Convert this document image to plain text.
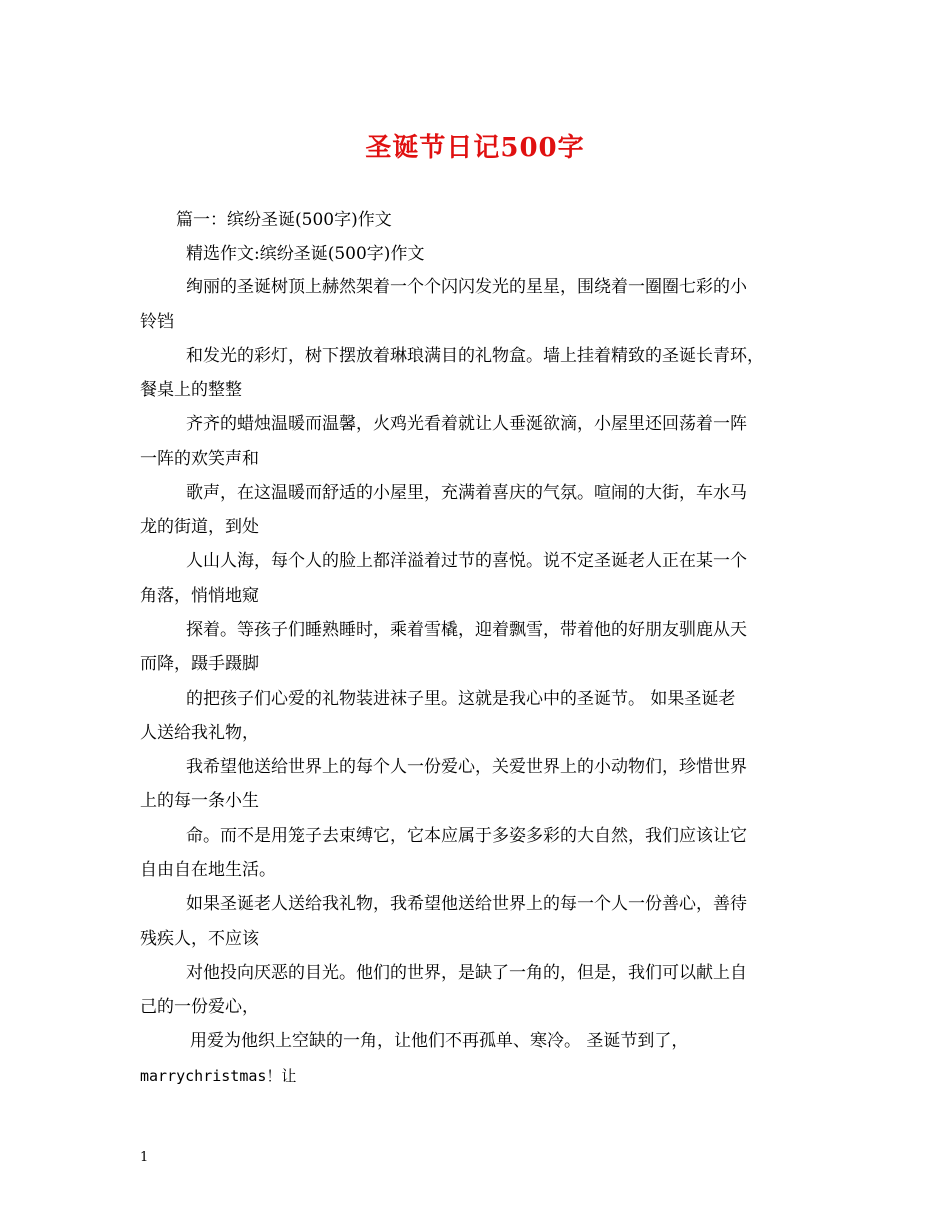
圣诞节日记500字
篇一：缤纷圣诞(500字)作文
精选作文:缤纷圣诞(500字)作文
绚丽的圣诞树顶上赫然架着一个个闪闪发光的星星，围绕着一圈圈七彩的小
铃铛
和发光的彩灯，树下摆放着琳琅满目的礼物盒。墙上挂着精致的圣诞长青环，
餐桌上的整整
齐齐的蜡烛温暖而温馨，火鸡光看着就让人垂涎欲滴，小屋里还回荡着一阵
一阵的欢笑声和
歌声，在这温暖而舒适的小屋里，充满着喜庆的气氛。喧闹的大街，车水马
龙的街道，到处
人山人海，每个人的脸上都洋溢着过节的喜悦。说不定圣诞老人正在某一个
角落，悄悄地窥
探着。等孩子们睡熟睡时，乘着雪橇，迎着飘雪，带着他的好朋友驯鹿从天
而降，蹑手蹑脚
的把孩子们心爱的礼物装进袜子里。这就是我心中的圣诞节。 如果圣诞老
人送给我礼物，
我希望他送给世界上的每个人一份爱心，关爱世界上的小动物们，珍惜世界
上的每一条小生
命。而不是用笼子去束缚它，它本应属于多姿多彩的大自然，我们应该让它
自由自在地生活。
如果圣诞老人送给我礼物，我希望他送给世界上的每一个人一份善心，善待
残疾人，不应该
对他投向厌恶的目光。他们的世界，是缺了一角的，但是，我们可以献上自
己的一份爱心，
用爱为他织上空缺的一角，让他们不再孤单、寒冷。 圣诞节到了，
marrychristmas！让
1
